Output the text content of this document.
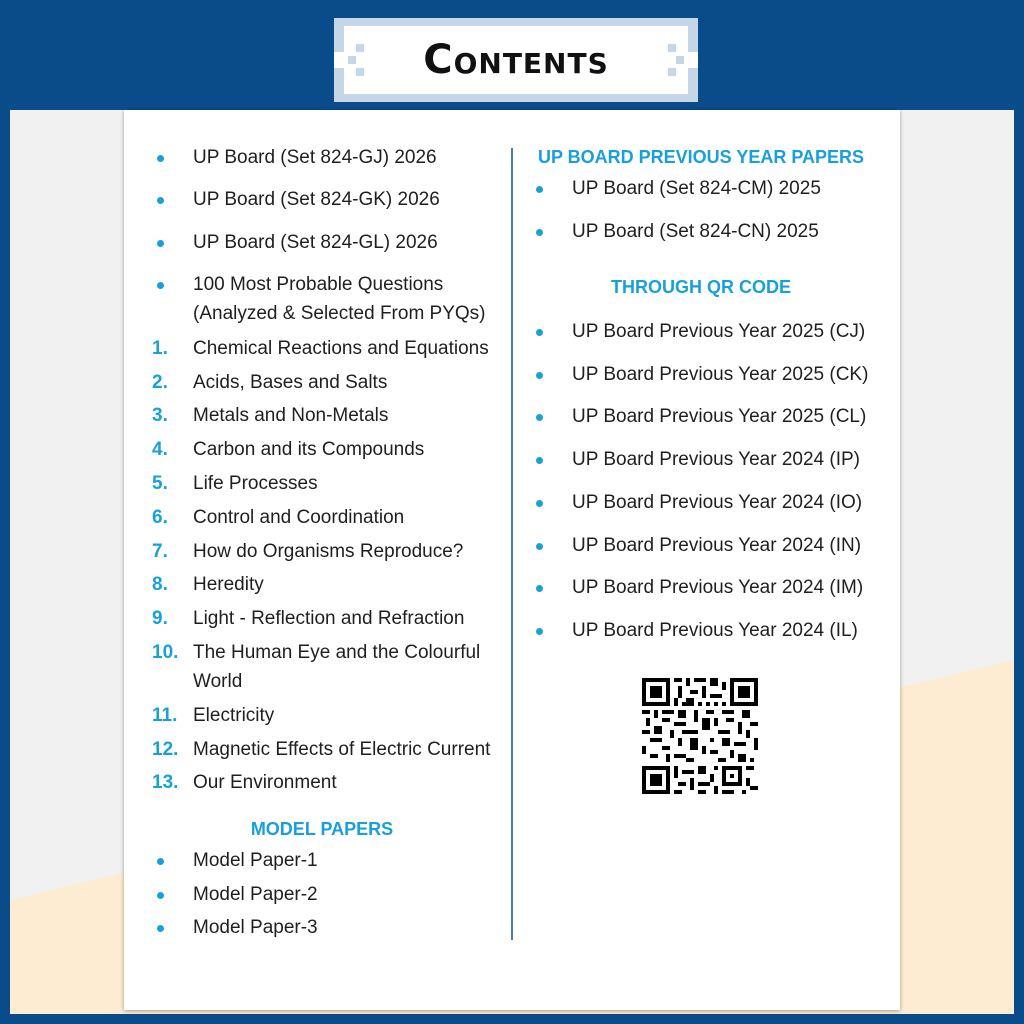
Contents
UP Board (Set 824-GJ) 2026
UP Board (Set 824-GK) 2026
UP Board (Set 824-GL) 2026
100 Most Probable Questions
(Analyzed & Selected From PYQs)
1.	Chemical Reactions and Equations
2.	Acids, Bases and Salts
3.	Metals and Non-Metals
4.	Carbon and its Compounds
5.	Life Processes
6.	Control and Coordination
7.	How do Organisms Reproduce?
8.	Heredity
9.	Light - Reflection and Refraction
10. The Human Eye and the Colourful
World
11. Electricity
12. Magnetic Effects of Electric Current
13. Our Environment
MODEL PAPERS
Model Paper-1
Model Paper-2
Model Paper-3
UP BOARD PREVIOUS YEAR PAPERS
UP Board (Set 824-CM) 2025
UP Board (Set 824-CN) 2025
THROUGH QR CODE
UP Board Previous Year 2025 (CJ)
UP Board Previous Year 2025 (CK)
UP Board Previous Year 2025 (CL)
UP Board Previous Year 2024 (IP)
UP Board Previous Year 2024 (IO)
UP Board Previous Year 2024 (IN)
UP Board Previous Year 2024 (IM)
UP Board Previous Year 2024 (IL)
